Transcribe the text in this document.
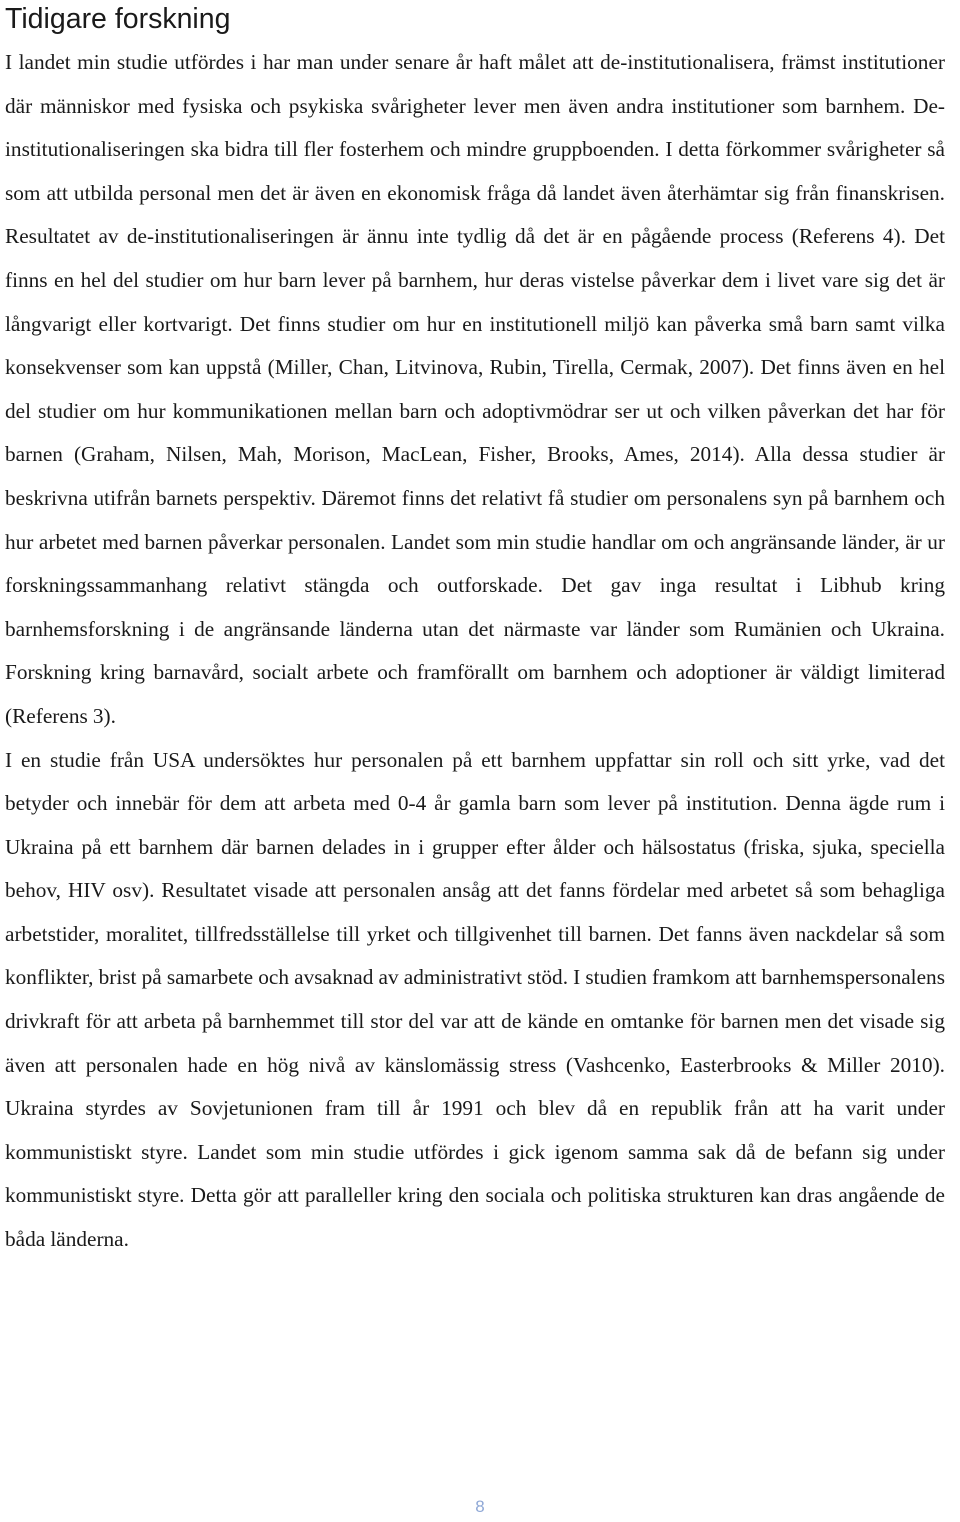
Tidigare forskning

I landet min studie utfördes i har man under senare år haft målet att de-institutionalisera, främst institutioner där människor med fysiska och psykiska svårigheter lever men även andra institutioner som barnhem. De-institutionaliseringen ska bidra till fler fosterhem och mindre gruppboenden. I detta förkommer svårigheter så som att utbilda personal men det är även en ekonomisk fråga då landet även återhämtar sig från finanskrisen. Resultatet av de-institutionaliseringen är ännu inte tydlig då det är en pågående process (Referens 4). Det finns en hel del studier om hur barn lever på barnhem, hur deras vistelse påverkar dem i livet vare sig det är långvarigt eller kortvarigt. Det finns studier om hur en institutionell miljö kan påverka små barn samt vilka konsekvenser som kan uppstå (Miller, Chan, Litvinova, Rubin, Tirella, Cermak, 2007). Det finns även en hel del studier om hur kommunikationen mellan barn och adoptivmödrar ser ut och vilken påverkan det har för barnen (Graham, Nilsen, Mah, Morison, MacLean, Fisher, Brooks, Ames, 2014). Alla dessa studier är beskrivna utifrån barnets perspektiv. Däremot finns det relativt få studier om personalens syn på barnhem och hur arbetet med barnen påverkar personalen. Landet som min studie handlar om och angränsande länder, är ur forskningssammanhang relativt stängda och outforskade. Det gav inga resultat i Libhub kring barnhemsforskning i de angränsande länderna utan det närmaste var länder som Rumänien och Ukraina. Forskning kring barnavård, socialt arbete och framförallt om barnhem och adoptioner är väldigt limiterad (Referens 3).

I en studie från USA undersöktes hur personalen på ett barnhem uppfattar sin roll och sitt yrke, vad det betyder och innebär för dem att arbeta med 0-4 år gamla barn som lever på institution. Denna ägde rum i Ukraina på ett barnhem där barnen delades in i grupper efter ålder och hälsostatus (friska, sjuka, speciella behov, HIV osv). Resultatet visade att personalen ansåg att det fanns fördelar med arbetet så som behagliga arbetstider, moralitet, tillfredsställelse till yrket och tillgivenhet till barnen. Det fanns även nackdelar så som konflikter, brist på samarbete och avsaknad av administrativt stöd. I studien framkom att barnhemspersonalens drivkraft för att arbeta på barnhemmet till stor del var att de kände en omtanke för barnen men det visade sig även att personalen hade en hög nivå av känslomässig stress (Vashcenko, Easterbrooks & Miller 2010). Ukraina styrdes av Sovjetunionen fram till år 1991 och blev då en republik från att ha varit under kommunistiskt styre. Landet som min studie utfördes i gick igenom samma sak då de befann sig under kommunistiskt styre. Detta gör att paralleller kring den sociala och politiska strukturen kan dras angående de båda länderna.

8
